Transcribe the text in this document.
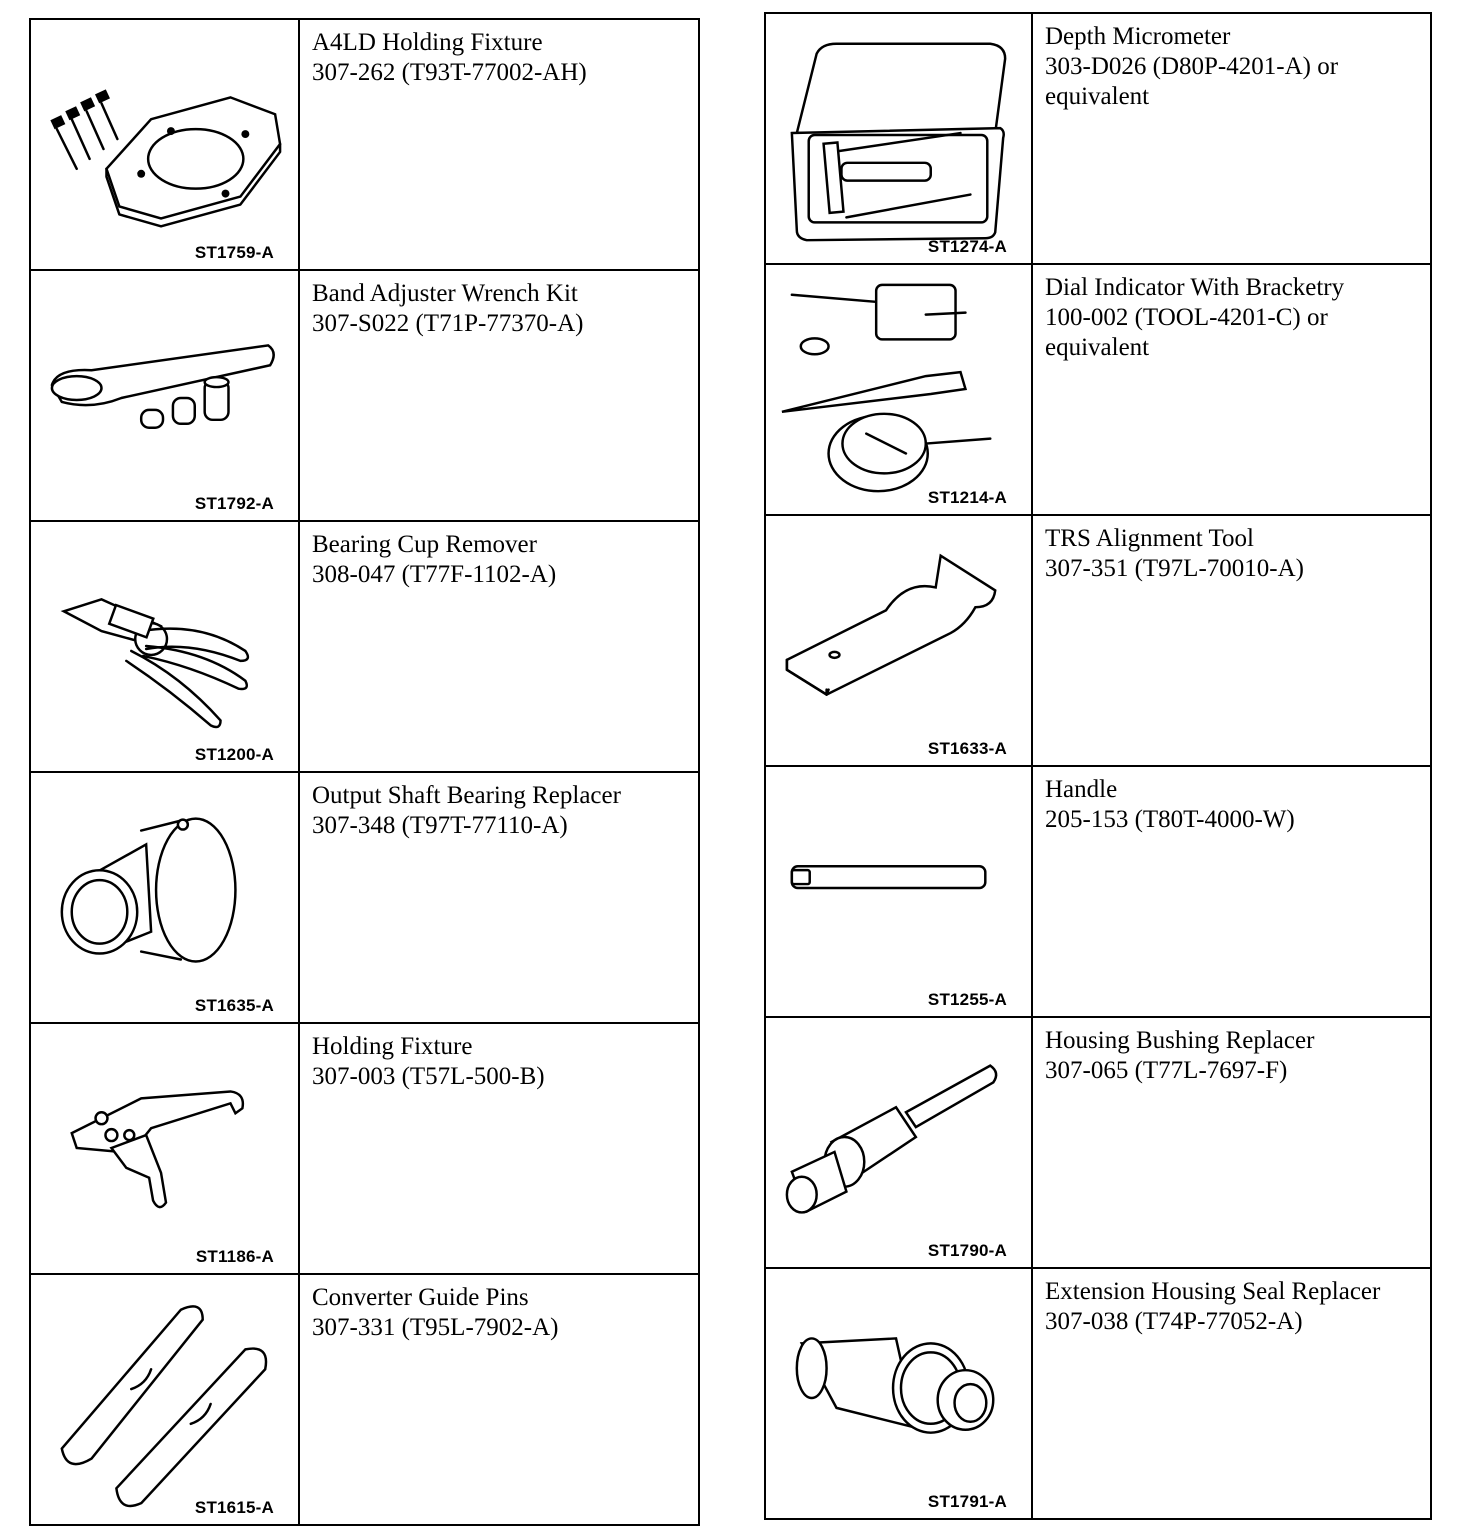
ST1759-A	A4LD Holding Fixture
307-262 (T93T-77002-AH)

ST1792-A	Band Adjuster Wrench Kit
307-S022 (T71P-77370-A)

ST1200-A	Bearing Cup Remover
308-047 (T77F-1102-A)

ST1635-A	Output Shaft Bearing Replacer
307-348 (T97T-77110-A)

ST1186-A	Holding Fixture
307-003 (T57L-500-B)

ST1615-A	Converter Guide Pins
307-331 (T95L-7902-A)
ST1274-A	Depth Micrometer
303-D026 (D80P-4201-A) or
equivalent

ST1214-A	Dial Indicator With Bracketry
100-002 (TOOL-4201-C) or
equivalent

ST1633-A	TRS Alignment Tool
307-351 (T97L-70010-A)

ST1255-A	Handle
205-153 (T80T-4000-W)

ST1790-A	Housing Bushing Replacer
307-065 (T77L-7697-F)

ST1791-A	Extension Housing Seal Replacer
307-038 (T74P-77052-A)
